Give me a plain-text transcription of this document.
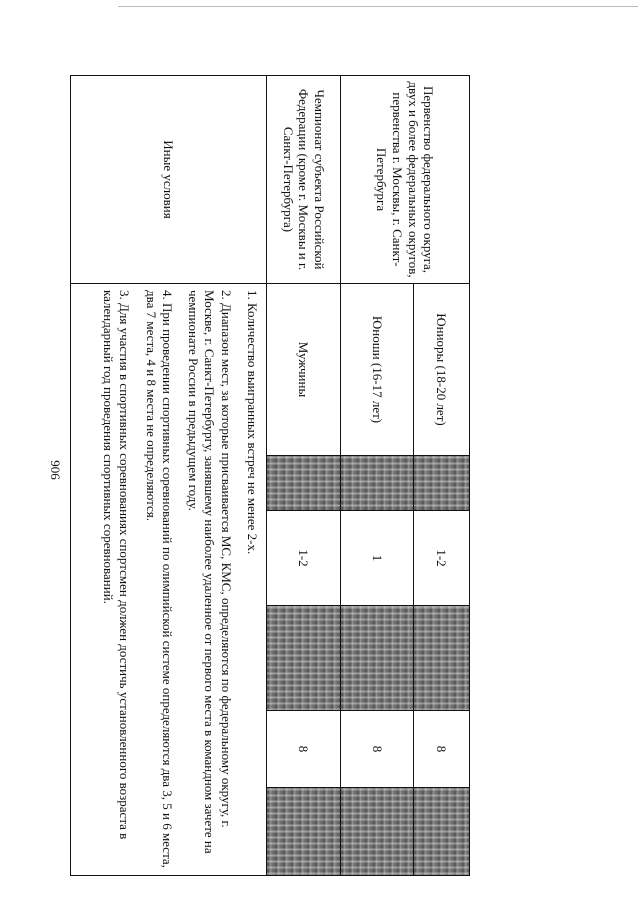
906
Первенство федерального округа, двух и более федеральных округов, первенства г. Москвы, г. Санкт-Петербурга	Юниоры (18-20 лет)		1-2		8	
	Юноши (16-17 лет)		1		8	
Чемпионат субъекта Российской Федерации (кроме г. Москвы и г. Санкт-Петербурга)	Мужчины		1-2		8	
Иные условия	1. Количество выигранных встреч не менее 2-х.

2. Диапазон мест, за которые присваивается МС, КМС, определяются по федеральному округу, г. Москве, г. Санкт-Петербургу, занявшему наиболее удаленное от первого места в командном зачете на чемпионате России в предыдущем году.

4. При проведении спортивных соревнований по олимпийской системе определяются два 3, 5 и 6 места, два 7 места, 4 и 8 места не определяются.

3. Для участия в спортивных соревнованиях спортсмен должен достичь установленного возраста в календарный год проведения спортивных соревнований.					
